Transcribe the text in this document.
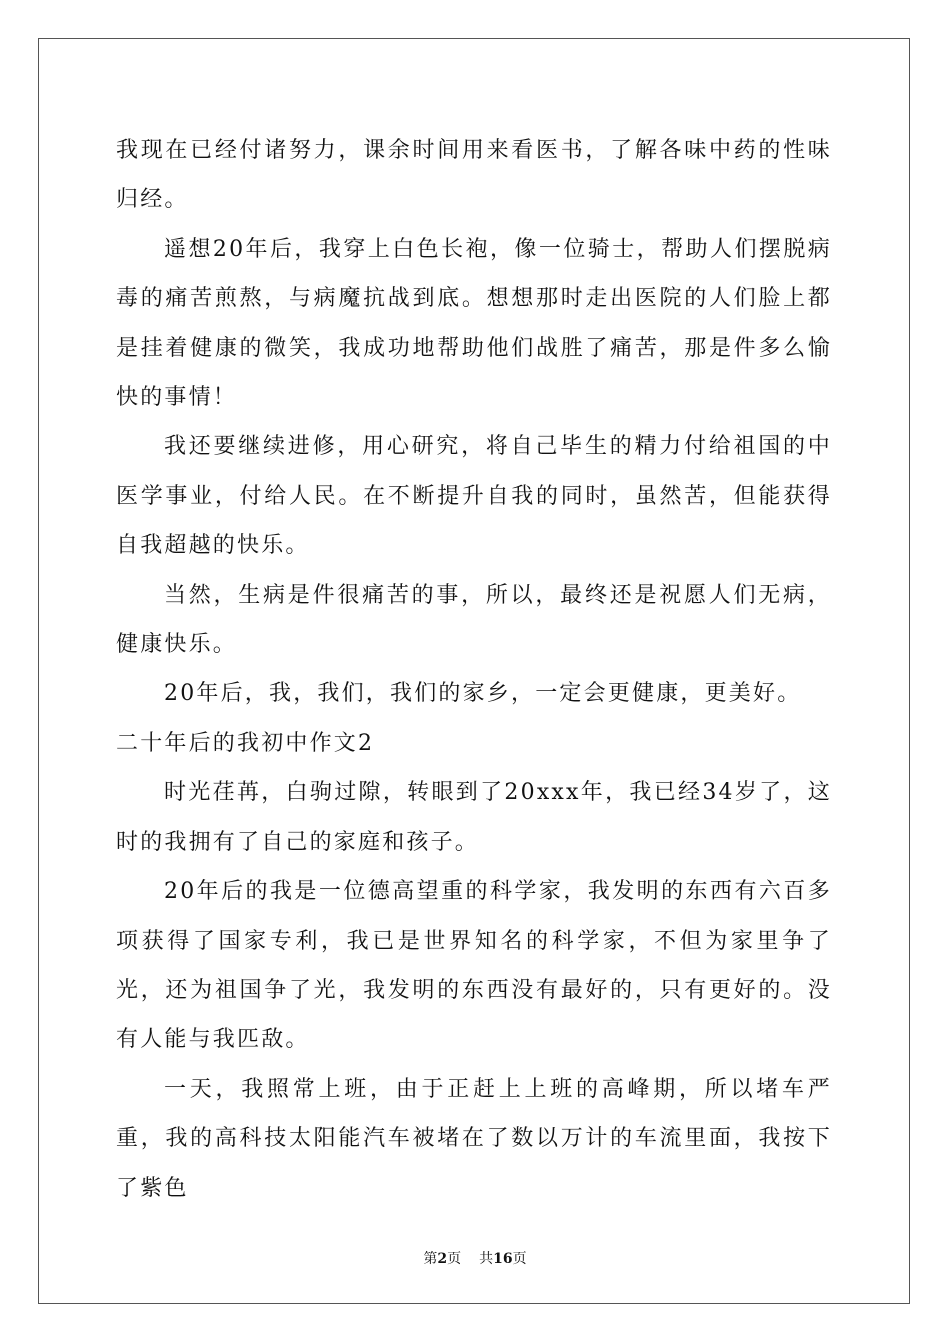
我现在已经付诸努力，课余时间用来看医书，了解各味中药的性味归经。

遥想20年后，我穿上白色长袍，像一位骑士，帮助人们摆脱病毒的痛苦煎熬，与病魔抗战到底。想想那时走出医院的人们脸上都是挂着健康的微笑，我成功地帮助他们战胜了痛苦，那是件多么愉快的事情！

我还要继续进修，用心研究，将自己毕生的精力付给祖国的中医学事业，付给人民。在不断提升自我的同时，虽然苦，但能获得自我超越的快乐。

当然，生病是件很痛苦的事，所以，最终还是祝愿人们无病，健康快乐。

20年后，我，我们，我们的家乡，一定会更健康，更美好。

二十年后的我初中作文2

时光荏苒，白驹过隙，转眼到了20xxx年，我已经34岁了，这时的我拥有了自己的家庭和孩子。

20年后的我是一位德高望重的科学家，我发明的东西有六百多项获得了国家专利，我已是世界知名的科学家，不但为家里争了光，还为祖国争了光，我发明的东西没有最好的，只有更好的。没有人能与我匹敌。

一天，我照常上班，由于正赶上上班的高峰期，所以堵车严重，我的高科技太阳能汽车被堵在了数以万计的车流里面，我按下了紫色

第2页 共16页
